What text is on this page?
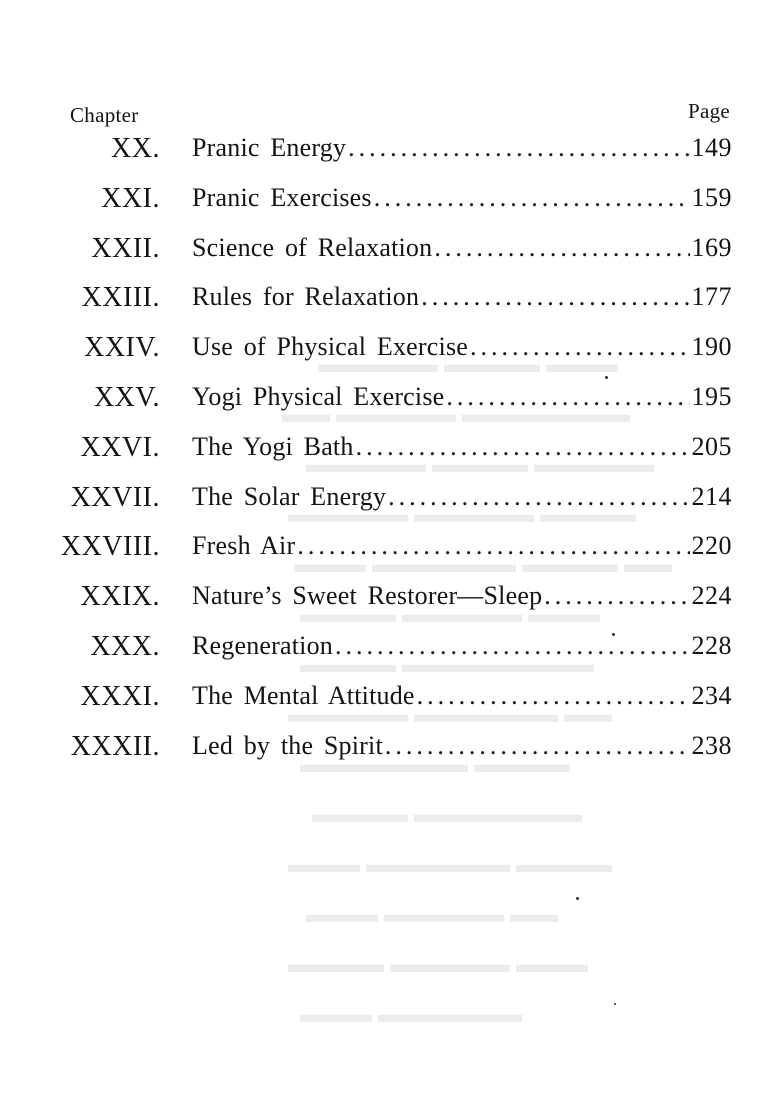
▬▬▬▬▬ ▬▬▬▬ ▬▬▬
▬▬ ▬▬▬▬▬ ▬▬▬▬▬▬▬
▬▬▬▬▬ ▬▬▬▬ ▬▬▬▬▬
▬▬▬▬▬ ▬▬▬▬▬ ▬▬▬▬
▬▬▬ ▬▬▬▬▬▬ ▬▬▬▬ ▬▬
▬▬▬▬ ▬▬▬▬▬ ▬▬▬
▬▬▬▬ ▬▬▬▬▬▬▬▬
▬▬▬▬▬ ▬▬▬▬▬▬ ▬▬
▬▬▬▬▬▬▬ ▬▬▬▬
▬▬▬▬ ▬▬▬▬▬▬▬
▬▬▬ ▬▬▬▬▬▬ ▬▬▬▬
▬▬▬ ▬▬▬▬▬ ▬▬
▬▬▬▬ ▬▬▬▬▬ ▬▬▬
▬▬▬ ▬▬▬▬▬▬
Chapter	Page
XX. Pranic Energy .....	149
XXI. Pranic Exercises .....	159
XXII. Science of Relaxation .....	169
XXIII. Rules for Relaxation .....	177
XXIV. Use of Physical Exercise .....	190
XXV. Yogi Physical Exercise .....	195
XXVI. The Yogi Bath .....	205
XXVII. The Solar Energy .....	214
XXVIII. Fresh Air .....	220
XXIX. Nature’s Sweet Restorer—Sleep .....	224
XXX. Regeneration .....	228
XXXI. The Mental Attitude .....	234
XXXII. Led by the Spirit .....	238
